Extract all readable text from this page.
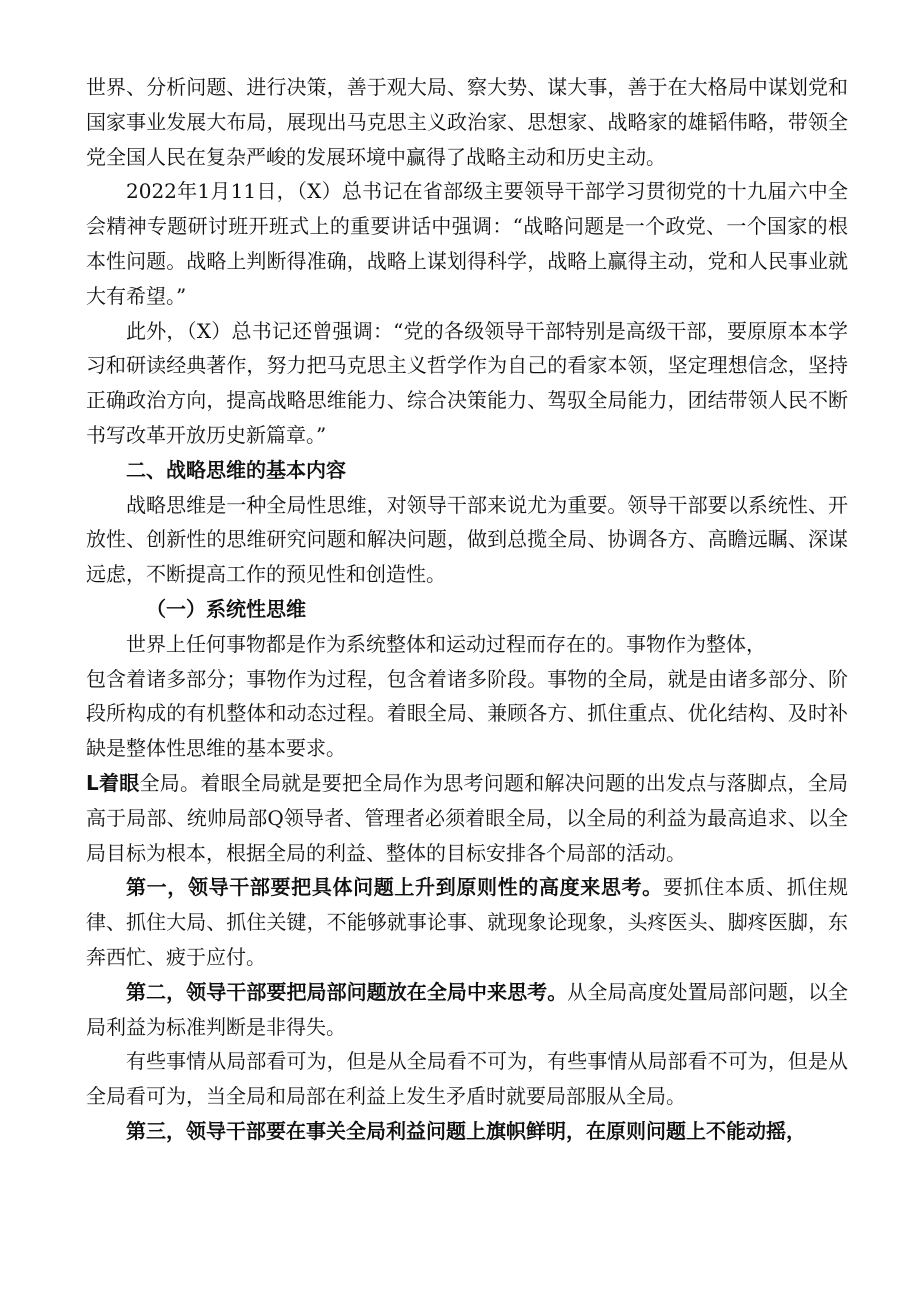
世界、分析问题、进行决策，善于观大局、察大势、谋大事，善于在大格局中谋划党和国家事业发展大布局，展现出马克思主义政治家、思想家、战略家的雄韬伟略，带领全党全国人民在复杂严峻的发展环境中赢得了战略主动和历史主动。

2022年1月11日，（X）总书记在省部级主要领导干部学习贯彻党的十九届六中全会精神专题研讨班开班式上的重要讲话中强调：“战略问题是一个政党、一个国家的根本性问题。战略上判断得准确，战略上谋划得科学，战略上赢得主动，党和人民事业就大有希望。”

此外，（X）总书记还曾强调：“党的各级领导干部特别是高级干部，要原原本本学习和研读经典著作，努力把马克思主义哲学作为自己的看家本领，坚定理想信念，坚持正确政治方向，提高战略思维能力、综合决策能力、驾驭全局能力，团结带领人民不断书写改革开放历史新篇章。”

二、战略思维的基本内容

战略思维是一种全局性思维，对领导干部来说尤为重要。领导干部要以系统性、开放性、创新性的思维研究问题和解决问题，做到总揽全局、协调各方、高瞻远瞩、深谋远虑，不断提高工作的预见性和创造性。

（一）系统性思维

世界上任何事物都是作为系统整体和运动过程而存在的。事物作为整体，

包含着诸多部分；事物作为过程，包含着诸多阶段。事物的全局，就是由诸多部分、阶段所构成的有机整体和动态过程。着眼全局、兼顾各方、抓住重点、优化结构、及时补缺是整体性思维的基本要求。

L着眼全局。着眼全局就是要把全局作为思考问题和解决问题的出发点与落脚点，全局高于局部、统帅局部Q领导者、管理者必须着眼全局，以全局的利益为最高追求、以全局目标为根本，根据全局的利益、整体的目标安排各个局部的活动。

第一，领导干部要把具体问题上升到原则性的高度来思考。要抓住本质、抓住规律、抓住大局、抓住关键，不能够就事论事、就现象论现象，头疼医头、脚疼医脚，东奔西忙、疲于应付。

第二，领导干部要把局部问题放在全局中来思考。从全局高度处置局部问题，以全局利益为标准判断是非得失。

有些事情从局部看可为，但是从全局看不可为，有些事情从局部看不可为，但是从全局看可为，当全局和局部在利益上发生矛盾时就要局部服从全局。

第三，领导干部要在事关全局利益问题上旗帜鲜明，在原则问题上不能动摇，
